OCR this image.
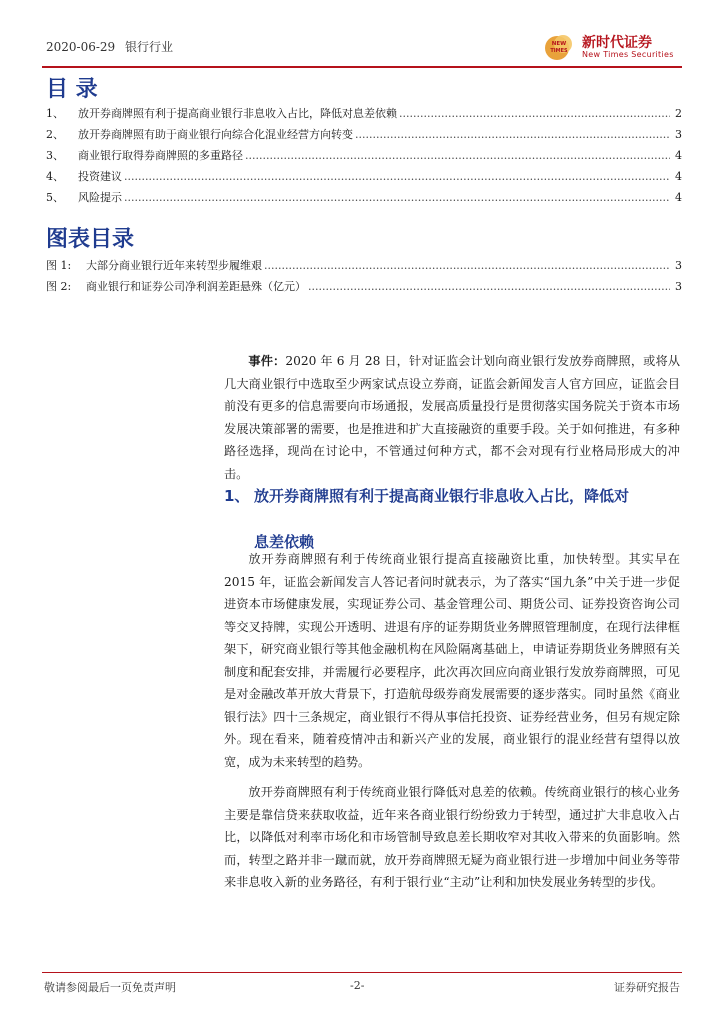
2020-06-29 银行行业	NEW
TIMES 新时代证券
New Times Securities
目 录
1、	放开券商牌照有利于提高商业银行非息收入占比，降低对息差依赖 .....	2
2、	放开券商牌照有助于商业银行向综合化混业经营方向转变 .....	3
3、	商业银行取得券商牌照的多重路径 .....	4
4、	投资建议 .....	4
5、	风险提示 .....	4
图表目录
图 1:	大部分商业银行近年来转型步履维艰 .....	3
图 2:	商业银行和证券公司净利润差距悬殊（亿元） .....	3

事件：2020 年 6 月 28 日，针对证监会计划向商业银行发放券商牌照，或将从几大商业银行中选取至少两家试点设立券商，证监会新闻发言人官方回应，证监会目前没有更多的信息需要向市场通报，发展高质量投行是贯彻落实国务院关于资本市场发展决策部署的需要，也是推进和扩大直接融资的重要手段。关于如何推进，有多种路径选择，现尚在讨论中，不管通过何种方式，都不会对现有行业格局形成大的冲击。

1、 放开券商牌照有利于提高商业银行非息收入占比，降低对
息差依赖

放开券商牌照有利于传统商业银行提高直接融资比重，加快转型。其实早在 2015 年，证监会新闻发言人答记者问时就表示，为了落实“国九条”中关于进一步促进资本市场健康发展，实现证券公司、基金管理公司、期货公司、证券投资咨询公司等交叉持牌，实现公开透明、进退有序的证券期货业务牌照管理制度，在现行法律框架下，研究商业银行等其他金融机构在风险隔离基础上，申请证券期货业务牌照有关制度和配套安排，并需履行必要程序，此次再次回应向商业银行发放券商牌照，可见是对金融改革开放大背景下，打造航母级券商发展需要的逐步落实。同时虽然《商业银行法》四十三条规定，商业银行不得从事信托投资、证券经营业务，但另有规定除外。现在看来，随着疫情冲击和新兴产业的发展，商业银行的混业经营有望得以放宽，成为未来转型的趋势。

放开券商牌照有利于传统商业银行降低对息差的依赖。传统商业银行的核心业务主要是靠信贷来获取收益，近年来各商业银行纷纷致力于转型，通过扩大非息收入占比，以降低对利率市场化和市场管制导致息差长期收窄对其收入带来的负面影响。然而，转型之路并非一蹴而就，放开券商牌照无疑为商业银行进一步增加中间业务等带来非息收入新的业务路径，有利于银行业“主动”让利和加快发展业务转型的步伐。

敬请参阅最后一页免责声明	-2-	证券研究报告
